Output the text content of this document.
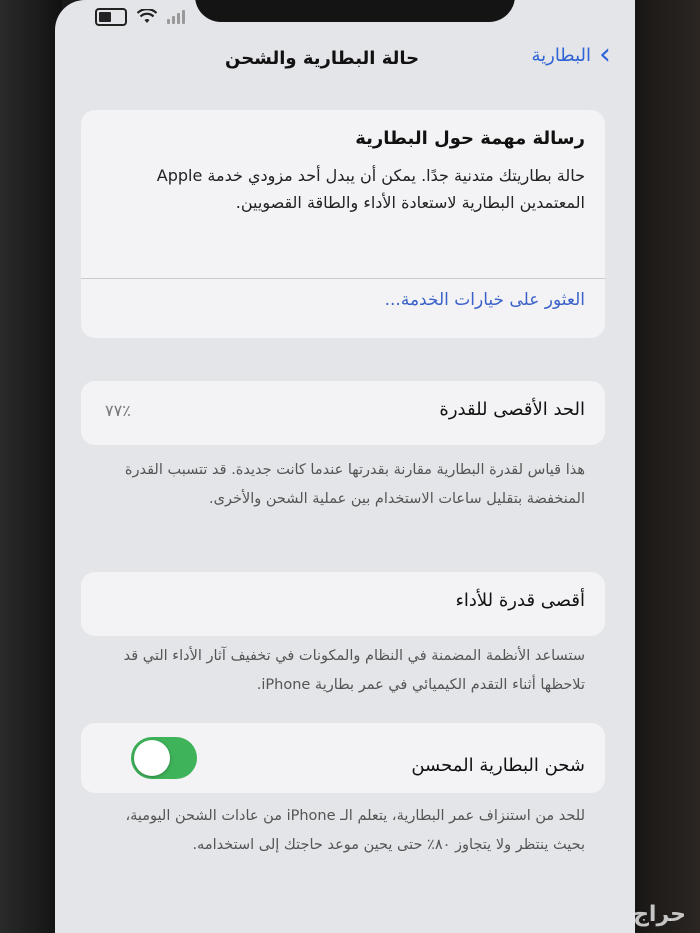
›
البطارية
حالة البطارية والشحن
رسالة مهمة حول البطارية
حالة بطاريتك متدنية جدًا. يمكن أن يبدل أحد مزودي خدمة Apple المعتمدين البطارية لاستعادة الأداء والطاقة القصويين.
العثور على خيارات الخدمة...
الحد الأقصى للقدرة
٪٧٧
هذا قياس لقدرة البطارية مقارنة بقدرتها عندما كانت جديدة. قد تتسبب القدرة المنخفضة بتقليل ساعات الاستخدام بين عملية الشحن والأخرى.
أقصى قدرة للأداء
ستساعد الأنظمة المضمنة في النظام والمكونات في تخفيف آثار الأداء التي قد تلاحظها أثناء التقدم الكيميائي في عمر بطارية iPhone.
شحن البطارية المحسن
للحد من استنزاف عمر البطارية، يتعلم الـ iPhone من عادات الشحن اليومية، بحيث ينتظر ولا يتجاوز ٨٠٪ حتى يحين موعد حاجتك إلى استخدامه.
حراج
